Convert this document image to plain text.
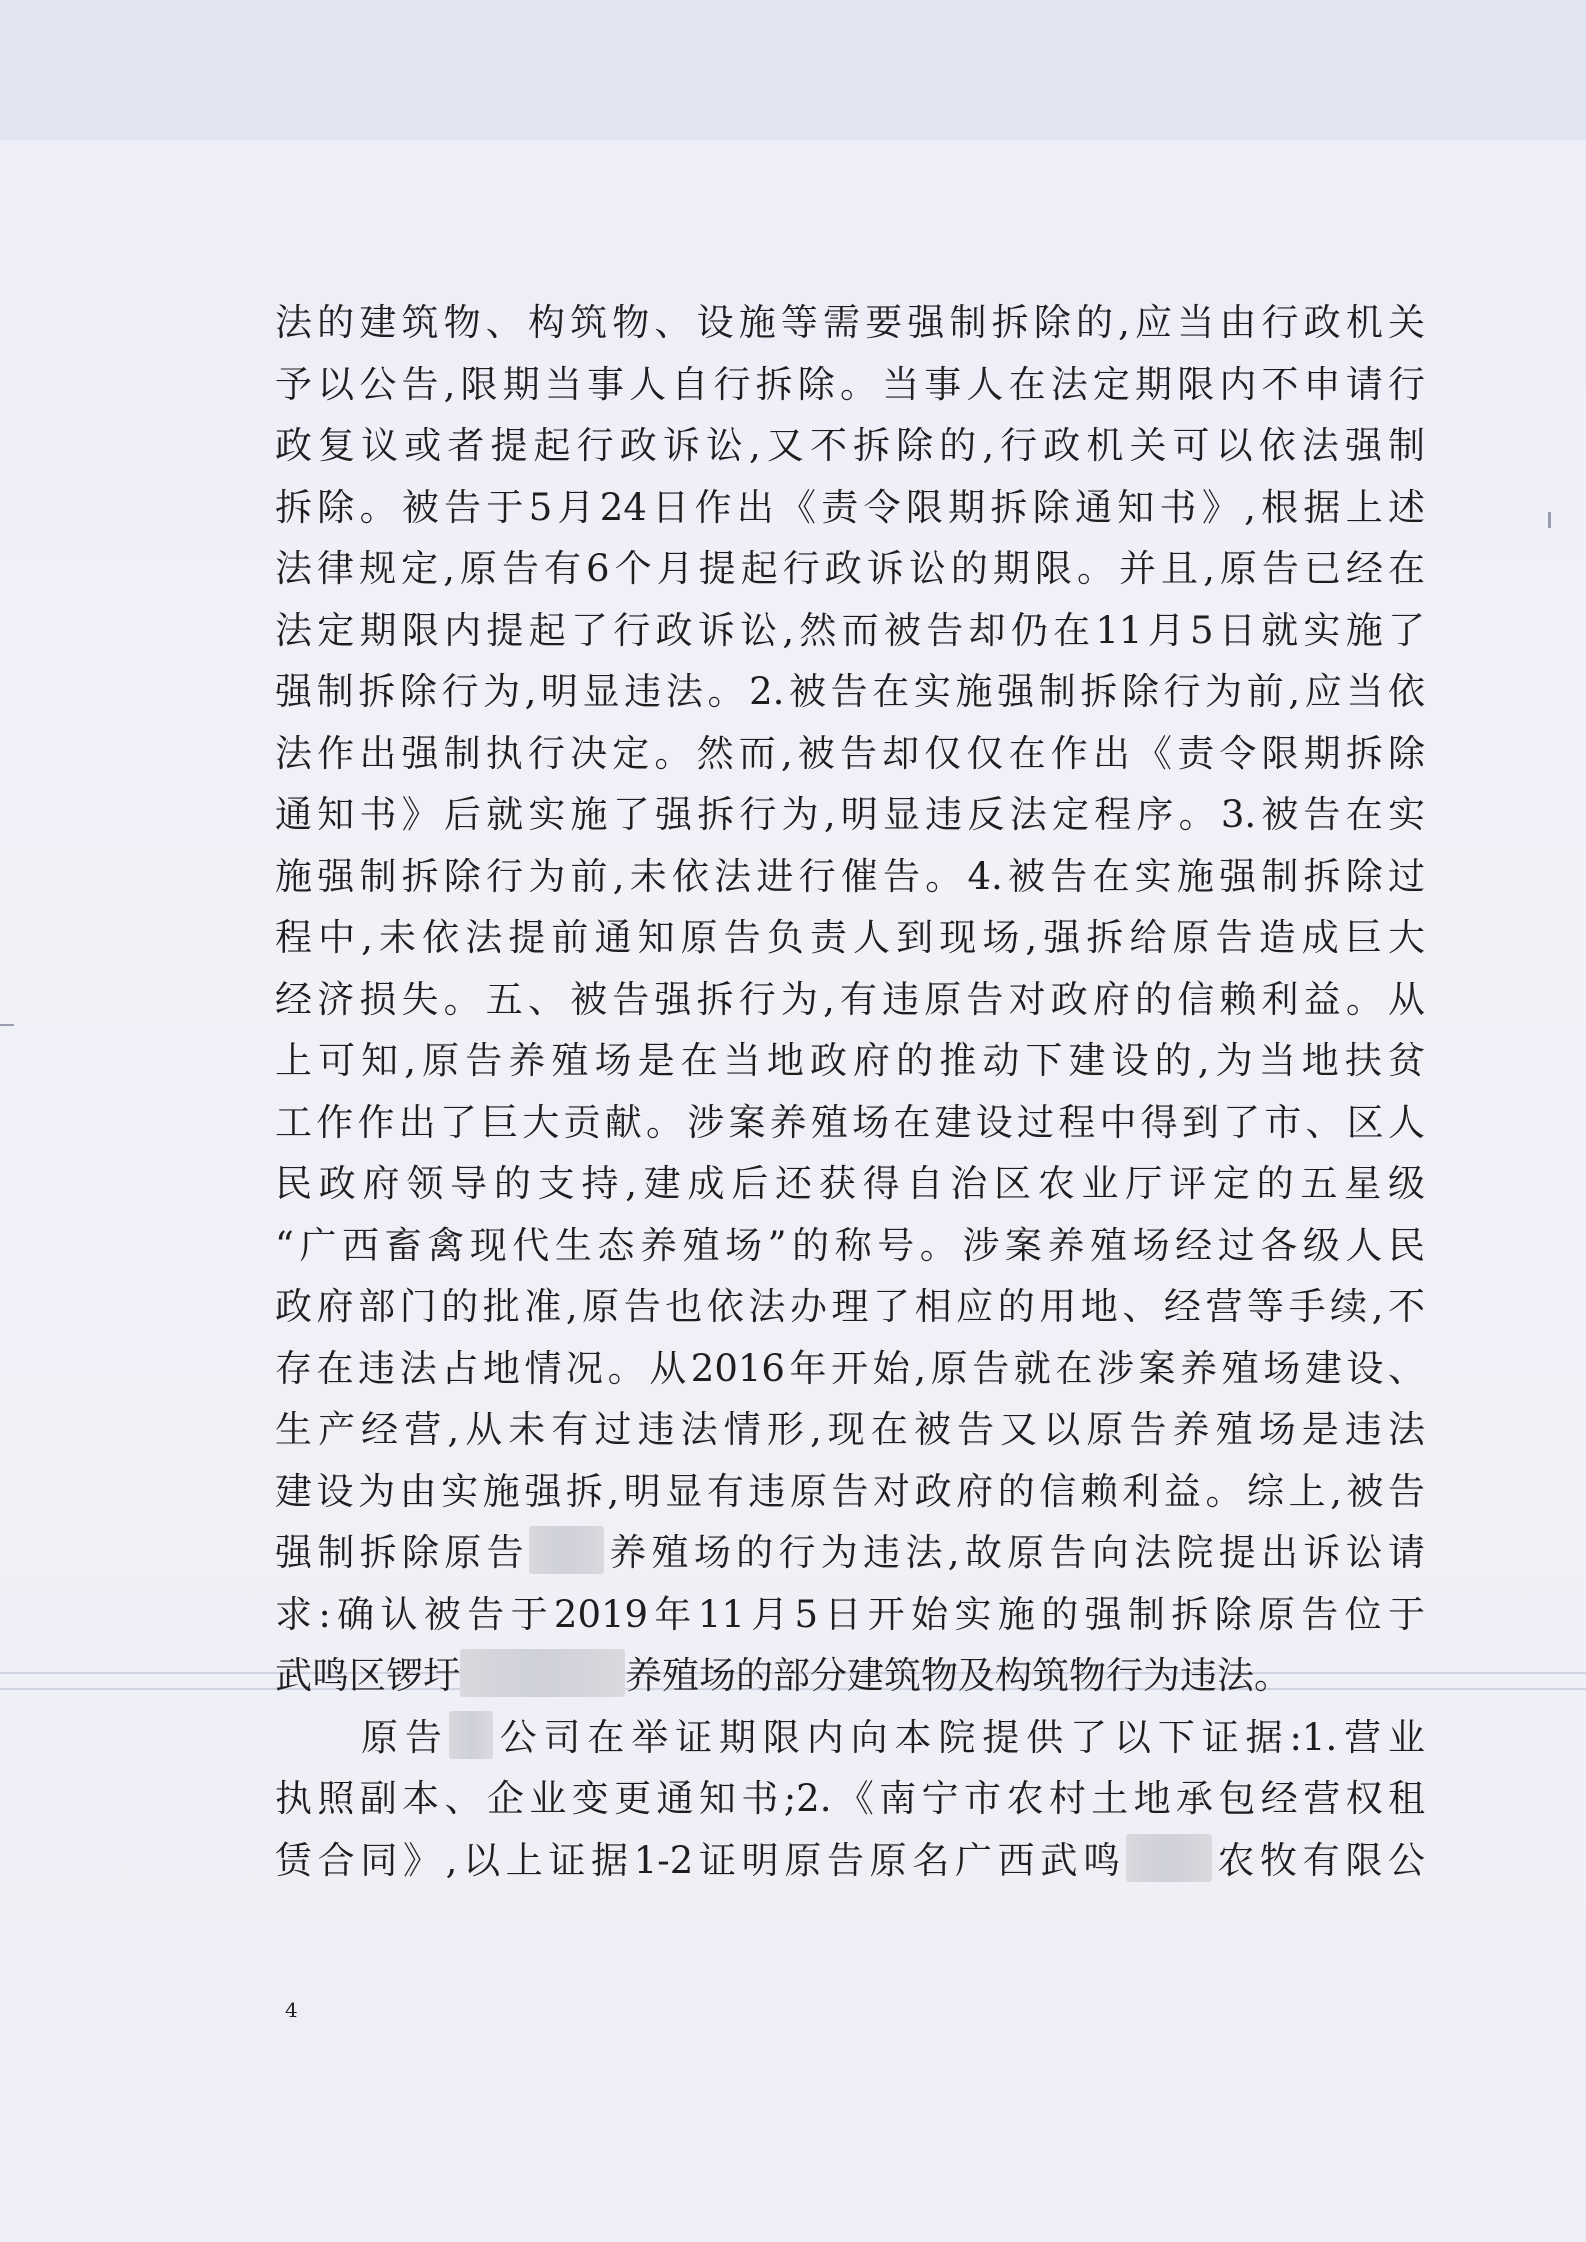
法的建筑物、构筑物、设施等需要强制拆除的,应当由行政机关
予以公告,限期当事人自行拆除。当事人在法定期限内不申请行
政复议或者提起行政诉讼,又不拆除的,行政机关可以依法强制
拆除。被告于5月24日作出《责令限期拆除通知书》,根据上述
法律规定,原告有6个月提起行政诉讼的期限。并且,原告已经在
法定期限内提起了行政诉讼,然而被告却仍在11月5日就实施了
强制拆除行为,明显违法。2.被告在实施强制拆除行为前,应当依
法作出强制执行决定。然而,被告却仅仅在作出《责令限期拆除
通知书》后就实施了强拆行为,明显违反法定程序。3.被告在实
施强制拆除行为前,未依法进行催告。4.被告在实施强制拆除过
程中,未依法提前通知原告负责人到现场,强拆给原告造成巨大
经济损失。五、被告强拆行为,有违原告对政府的信赖利益。从
上可知,原告养殖场是在当地政府的推动下建设的,为当地扶贫
工作作出了巨大贡献。涉案养殖场在建设过程中得到了市、区人
民政府领导的支持,建成后还获得自治区农业厅评定的五星级
“广西畜禽现代生态养殖场”的称号。涉案养殖场经过各级人民
政府部门的批准,原告也依法办理了相应的用地、经营等手续,不
存在违法占地情况。从2016年开始,原告就在涉案养殖场建设、
生产经营,从未有过违法情形,现在被告又以原告养殖场是违法
建设为由实施强拆,明显有违原告对政府的信赖利益。综上,被告
强制拆除原告 养殖场的行为违法,故原告向法院提出诉讼请
求:确认被告于2019年11月5日开始实施的强制拆除原告位于
武鸣区锣圩	养殖场的部分建筑物及构筑物行为违法。
原告 公司在举证期限内向本院提供了以下证据:1.营业
执照副本、企业变更通知书;2.《南宁市农村土地承包经营权租
赁合同》,以上证据1-2证明原告原名广西武鸣 农牧有限公
4
